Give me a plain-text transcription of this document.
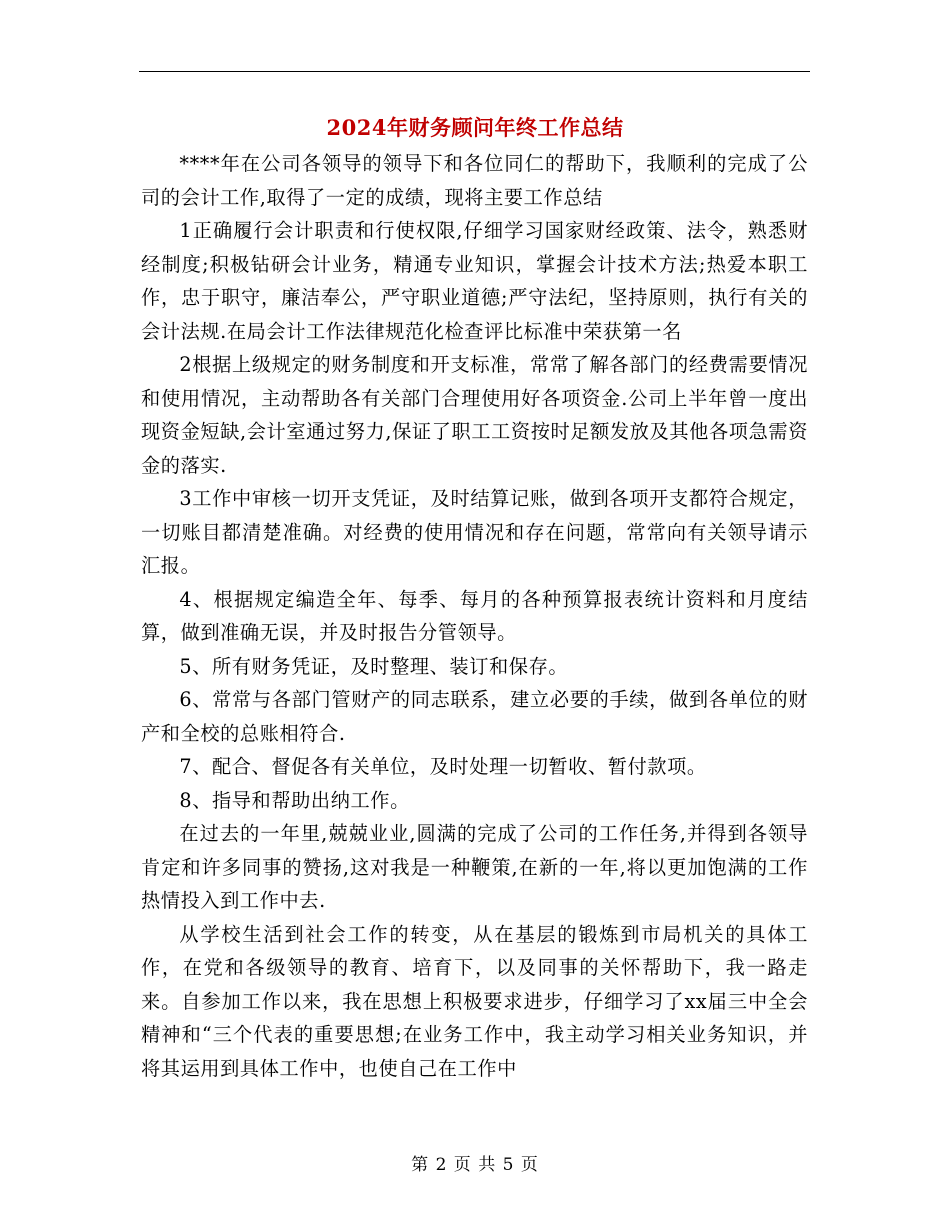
2024年财务顾问年终工作总结

****年在公司各领导的领导下和各位同仁的帮助下，我顺利的完成了公司的会计工作,取得了一定的成绩，现将主要工作总结

1正确履行会计职责和行使权限,仔细学习国家财经政策、法令，熟悉财经制度;积极钻研会计业务，精通专业知识，掌握会计技术方法;热爱本职工作，忠于职守，廉洁奉公，严守职业道德;严守法纪，坚持原则，执行有关的会计法规.在局会计工作法律规范化检查评比标准中荣获第一名

2根据上级规定的财务制度和开支标准，常常了解各部门的经费需要情况和使用情况，主动帮助各有关部门合理使用好各项资金.公司上半年曾一度出现资金短缺,会计室通过努力,保证了职工工资按时足额发放及其他各项急需资金的落实.

3工作中审核一切开支凭证，及时结算记账，做到各项开支都符合规定，一切账目都清楚准确。对经费的使用情况和存在问题，常常向有关领导请示汇报。

4、根据规定编造全年、每季、每月的各种预算报表统计资料和月度结算，做到准确无误，并及时报告分管领导。

5、所有财务凭证，及时整理、装订和保存。

6、常常与各部门管财产的同志联系，建立必要的手续，做到各单位的财产和全校的总账相符合.

7、配合、督促各有关单位，及时处理一切暂收、暂付款项。

8、指导和帮助出纳工作。

在过去的一年里,兢兢业业,圆满的完成了公司的工作任务,并得到各领导肯定和许多同事的赞扬,这对我是一种鞭策,在新的一年,将以更加饱满的工作热情投入到工作中去.

从学校生活到社会工作的转变，从在基层的锻炼到市局机关的具体工作，在党和各级领导的教育、培育下，以及同事的关怀帮助下，我一路走来。自参加工作以来，我在思想上积极要求进步，仔细学习了xx届三中全会精神和“三个代表的重要思想;在业务工作中，我主动学习相关业务知识，并将其运用到具体工作中，也使自己在工作中

第 2 页 共 5 页
